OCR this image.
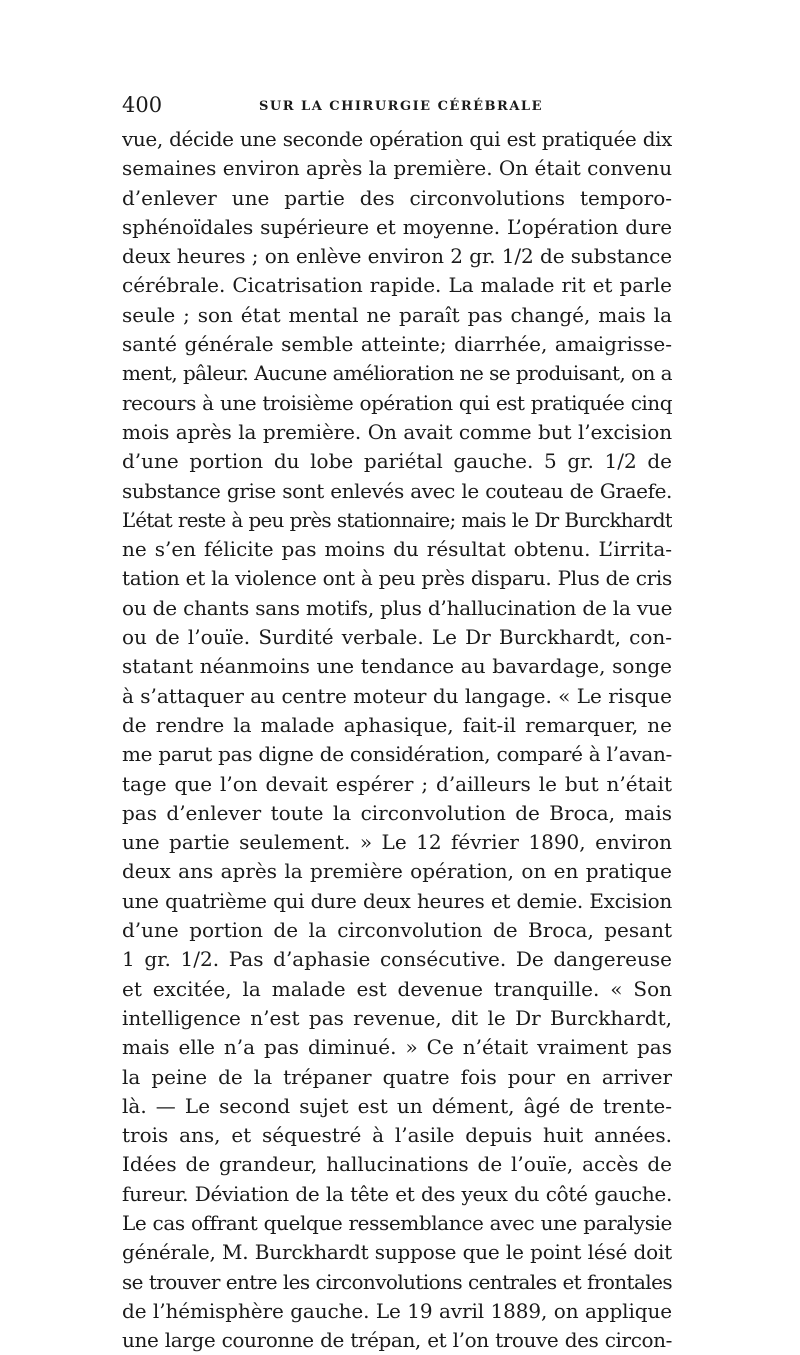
400	SUR LA CHIRURGIE CÉRÉBRALE
vue, décide une seconde opération qui est pratiquée dix
semaines environ après la première. On était convenu
d’enlever une partie des circonvolutions temporo-
sphénoïdales supérieure et moyenne. L’opération dure
deux heures ; on enlève environ 2 gr. 1/2 de substance
cérébrale. Cicatrisation rapide. La malade rit et parle
seule ; son état mental ne paraît pas changé, mais la
santé générale semble atteinte; diarrhée, amaigrisse-
ment, pâleur. Aucune amélioration ne se produisant, on a
recours à une troisième opération qui est pratiquée cinq
mois après la première. On avait comme but l’excision
d’une portion du lobe pariétal gauche. 5 gr. 1/2 de
substance grise sont enlevés avec le couteau de Graefe.
L’état reste à peu près stationnaire; mais le Dr Burckhardt
ne s’en félicite pas moins du résultat obtenu. L’irrita-
tation et la violence ont à peu près disparu. Plus de cris
ou de chants sans motifs, plus d’hallucination de la vue
ou de l’ouïe. Surdité verbale. Le Dr Burckhardt, con-
statant néanmoins une tendance au bavardage, songe
à s’attaquer au centre moteur du langage. « Le risque
de rendre la malade aphasique, fait-il remarquer, ne
me parut pas digne de considération, comparé à l’avan-
tage que l’on devait espérer ; d’ailleurs le but n’était
pas d’enlever toute la circonvolution de Broca, mais
une partie seulement. » Le 12 février 1890, environ
deux ans après la première opération, on en pratique
une quatrième qui dure deux heures et demie. Excision
d’une portion de la circonvolution de Broca, pesant
1 gr. 1/2. Pas d’aphasie consécutive. De dangereuse
et excitée, la malade est devenue tranquille. « Son
intelligence n’est pas revenue, dit le Dr Burckhardt,
mais elle n’a pas diminué. » Ce n’était vraiment pas
la peine de la trépaner quatre fois pour en arriver
là. — Le second sujet est un dément, âgé de trente-
trois ans, et séquestré à l’asile depuis huit années.
Idées de grandeur, hallucinations de l’ouïe, accès de
fureur. Déviation de la tête et des yeux du côté gauche.
Le cas offrant quelque ressemblance avec une paralysie
générale, M. Burckhardt suppose que le point lésé doit
se trouver entre les circonvolutions centrales et frontales
de l’hémisphère gauche. Le 19 avril 1889, on applique
une large couronne de trépan, et l’on trouve des circon-
